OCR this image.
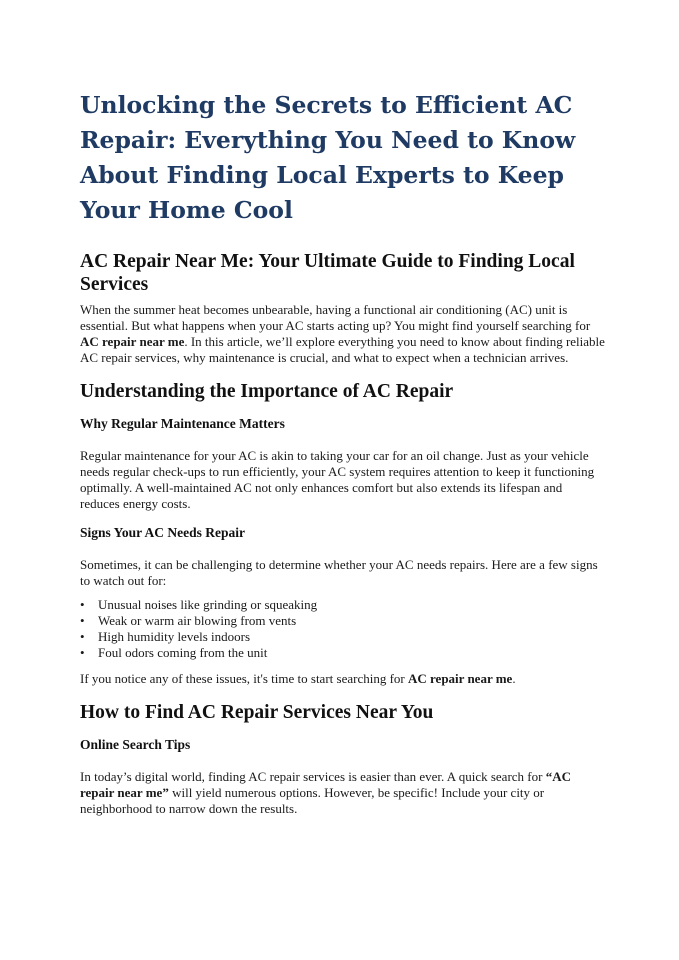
Unlocking the Secrets to Efficient AC Repair: Everything You Need to Know About Finding Local Experts to Keep Your Home Cool
AC Repair Near Me: Your Ultimate Guide to Finding Local Services

When the summer heat becomes unbearable, having a functional air conditioning (AC) unit is essential. But what happens when your AC starts acting up? You might find yourself searching for AC repair near me. In this article, we’ll explore everything you need to know about finding reliable AC repair services, why maintenance is crucial, and what to expect when a technician arrives.

Understanding the Importance of AC Repair
Why Regular Maintenance Matters

Regular maintenance for your AC is akin to taking your car for an oil change. Just as your vehicle needs regular check-ups to run efficiently, your AC system requires attention to keep it functioning optimally. A well-maintained AC not only enhances comfort but also extends its lifespan and reduces energy costs.

Signs Your AC Needs Repair

Sometimes, it can be challenging to determine whether your AC needs repairs. Here are a few signs to watch out for:

• Unusual noises like grinding or squeaking
• Weak or warm air blowing from vents
• High humidity levels indoors
• Foul odors coming from the unit

If you notice any of these issues, it's time to start searching for AC repair near me.

How to Find AC Repair Services Near You
Online Search Tips

In today’s digital world, finding AC repair services is easier than ever. A quick search for “AC repair near me” will yield numerous options. However, be specific! Include your city or neighborhood to narrow down the results.
